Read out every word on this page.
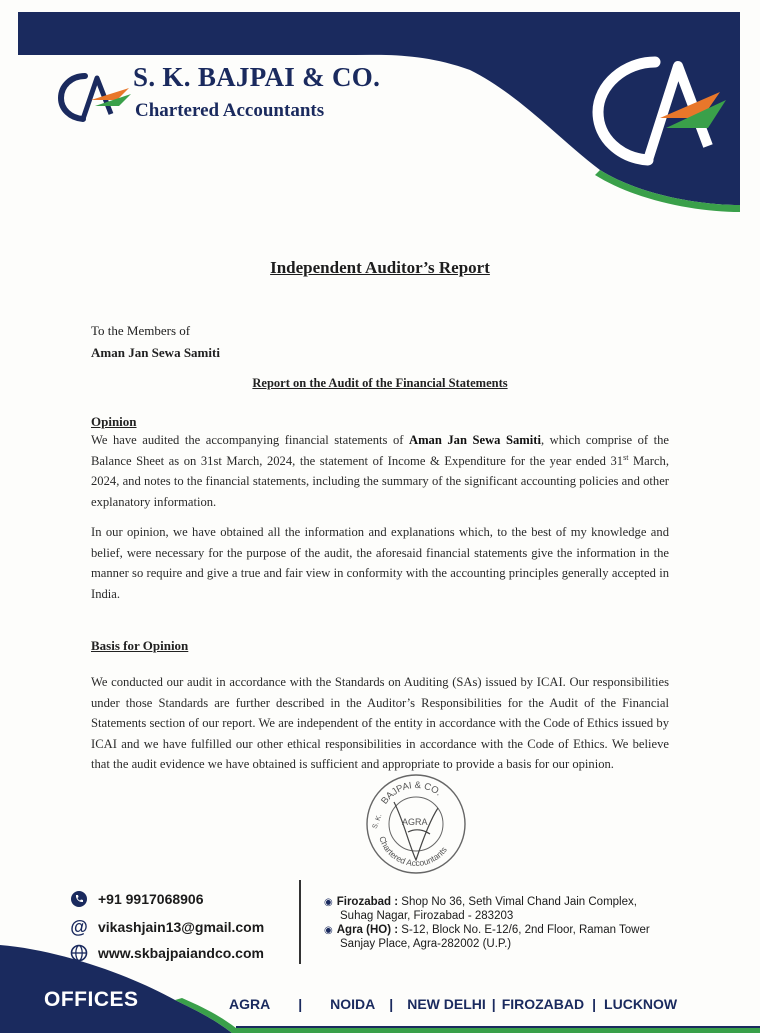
S. K. BAJPAI & CO.
Chartered Accountants
Independent Auditor’s Report
To the Members of
Aman Jan Sewa Samiti
Report on the Audit of the Financial Statements
Opinion
We have audited the accompanying financial statements of Aman Jan Sewa Samiti, which comprise of the Balance Sheet as on 31st March, 2024, the statement of Income & Expenditure for the year ended 31st March, 2024, and notes to the financial statements, including the summary of the significant accounting policies and other explanatory information.
In our opinion, we have obtained all the information and explanations which, to the best of my knowledge and belief, were necessary for the purpose of the audit, the aforesaid financial statements give the information in the manner so require and give a true and fair view in conformity with the accounting principles generally accepted in India.
Basis for Opinion
We conducted our audit in accordance with the Standards on Auditing (SAs) issued by ICAI. Our responsibilities under those Standards are further described in the Auditor’s Responsibilities for the Audit of the Financial Statements section of our report. We are independent of the entity in accordance with the Code of Ethics issued by ICAI and we have fulfilled our other ethical responsibilities in accordance with the Code of Ethics. We believe that the audit evidence we have obtained is sufficient and appropriate to provide a basis for our opinion.
BAJPAI & CO.
Chartered Accountants
S. K. AGRA
+91 9917068906
@ vikashjain13@gmail.com
www.skbajpaiandco.com
◉ Firozabad : Shop No 36, Seth Vimal Chand Jain Complex,
Suhag Nagar, Firozabad - 283203
◉ Agra (HO) : S-12, Block No. E-12/6, 2nd Floor, Raman Tower
Sanjay Place, Agra-282002 (U.P.)
OFFICES	AGRA | NOIDA | NEW DELHI | FIROZABAD | LUCKNOW
